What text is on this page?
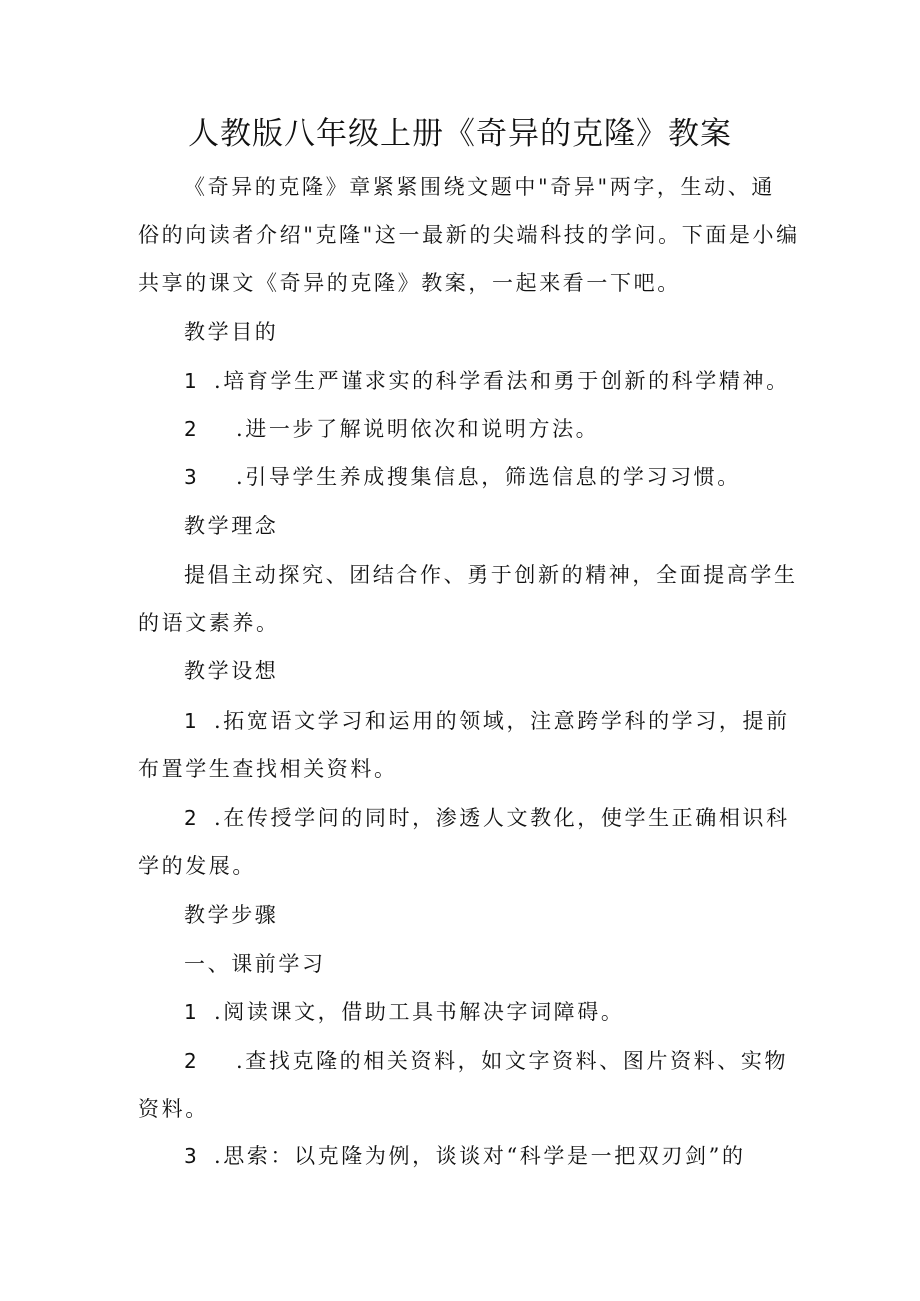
人教版八年级上册《奇异的克隆》教案
《奇异的克隆》章紧紧围绕文题中"奇异"两字，生动、通
俗的向读者介绍"克隆"这一最新的尖端科技的学问。下面是小编
共享的课文《奇异的克隆》教案，一起来看一下吧。
教学目的
1 .培育学生严谨求实的科学看法和勇于创新的科学精神。
2 .进一步了解说明依次和说明方法。
3 .引导学生养成搜集信息，筛选信息的学习习惯。
教学理念
提倡主动探究、团结合作、勇于创新的精神，全面提高学生
的语文素养。
教学设想
1 .拓宽语文学习和运用的领域，注意跨学科的学习，提前
布置学生查找相关资料。
2 .在传授学问的同时，渗透人文教化，使学生正确相识科
学的发展。
教学步骤
一、课前学习
1 .阅读课文，借助工具书解决字词障碍。
2 .查找克隆的相关资料，如文字资料、图片资料、实物
资料。
3 .思索：以克隆为例，谈谈对“科学是一把双刃剑”的
